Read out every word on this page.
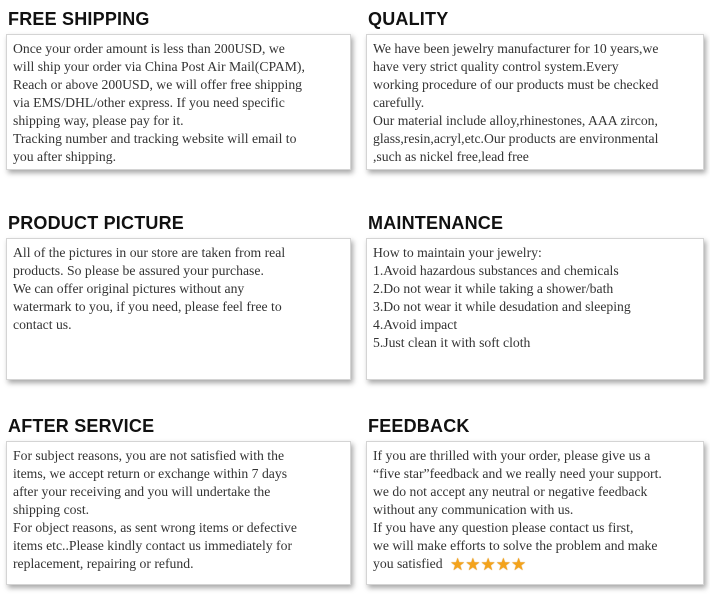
FREE SHIPPING
Once your order amount is less than 200USD, we
will ship your order via China Post Air Mail(CPAM),
Reach or above 200USD, we will offer free shipping
via EMS/DHL/other express. If you need specific
shipping way, please pay for it.
Tracking number and tracking website will email to
you after shipping.
QUALITY
We have been jewelry manufacturer for 10 years,we
have very strict quality control system.Every
working procedure of our products must be checked
carefully.
Our material include alloy,rhinestones, AAA zircon,
glass,resin,acryl,etc.Our products are environmental
,such as nickel free,lead free
PRODUCT PICTURE
All of the pictures in our store are taken from real
products. So please be assured your purchase.
We can offer original pictures without any
watermark to you, if you need, please feel free to
contact us.
MAINTENANCE
How to maintain your jewelry:
1.Avoid hazardous substances and chemicals
2.Do not wear it while taking a shower/bath
3.Do not wear it while desudation and sleeping
4.Avoid impact
5.Just clean it with soft cloth
AFTER SERVICE
For subject reasons, you are not satisfied with the
items, we accept return or exchange within 7 days
after your receiving and you will undertake the
shipping cost.
For object reasons, as sent wrong items or defective
items etc..Please kindly contact us immediately for
replacement, repairing or refund.
FEEDBACK
If you are thrilled with your order, please give us a
“five star”feedback and we really need your support.
we do not accept any neutral or negative feedback
without any communication with us.
If you have any question please contact us first,
we will make efforts to solve the problem and make
you satisfied ★★★★★
